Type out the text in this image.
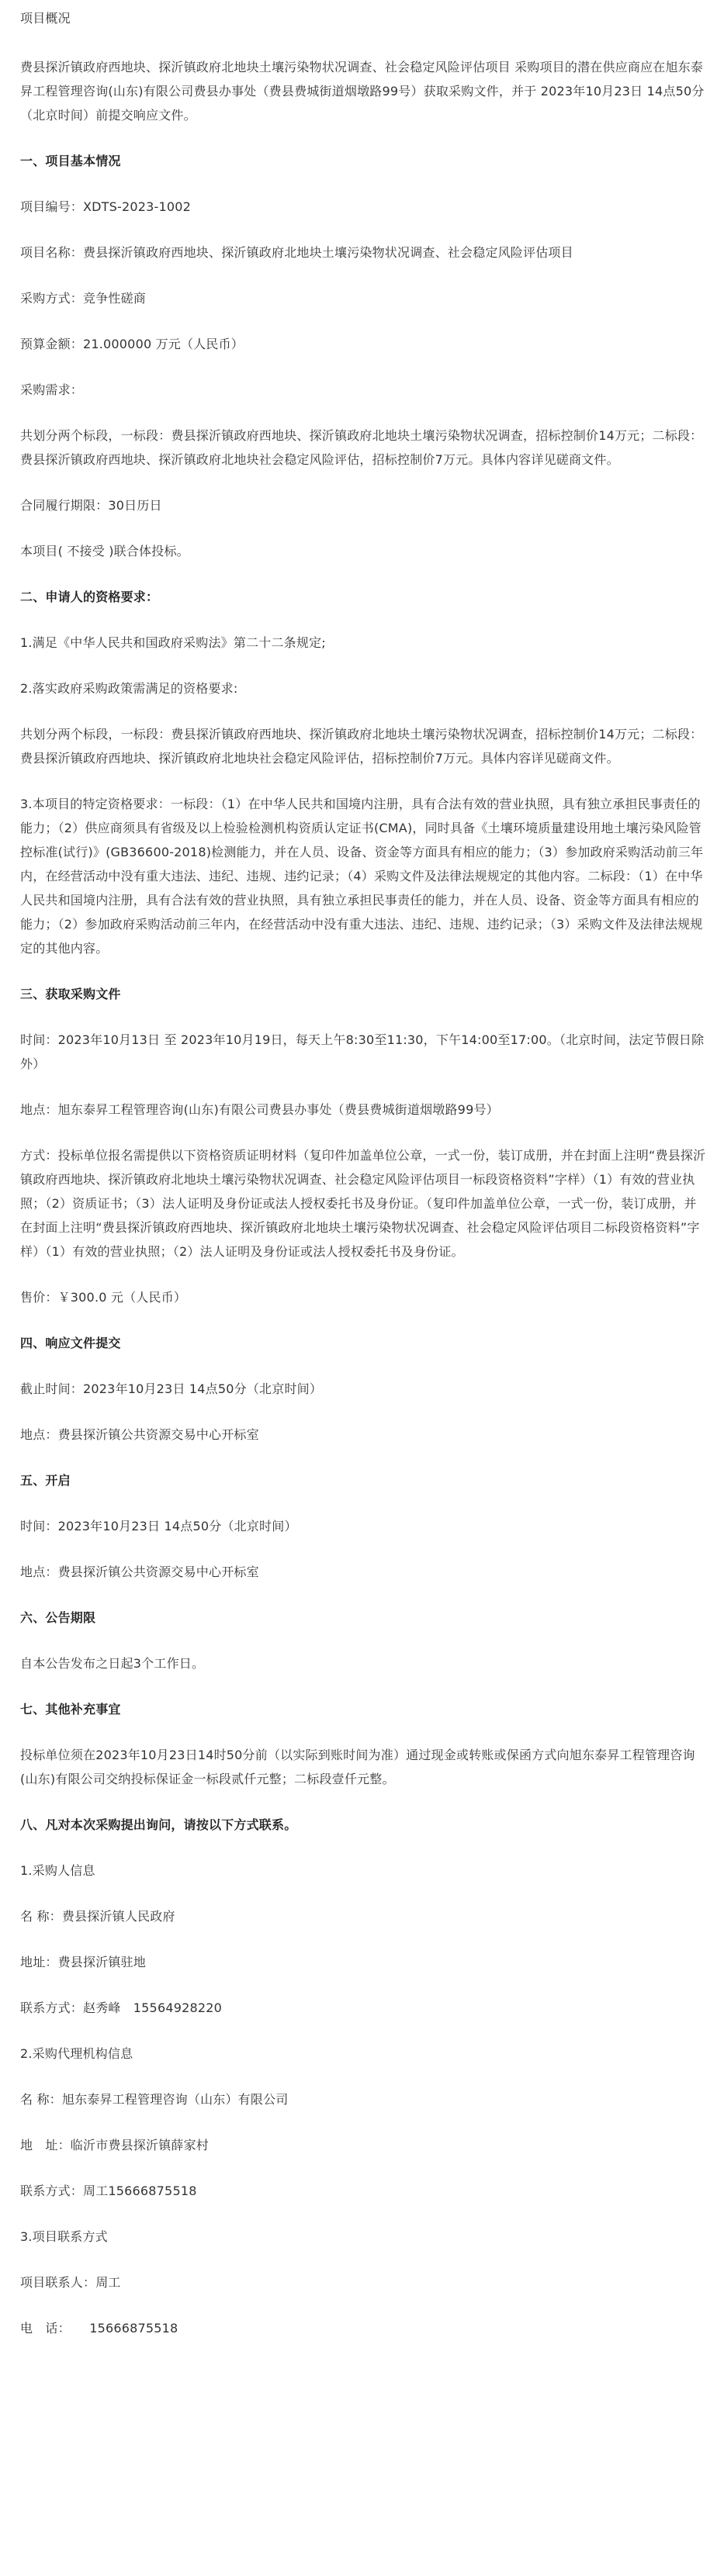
项目概况

费县探沂镇政府西地块、探沂镇政府北地块土壤污染物状况调查、社会稳定风险评估项目 采购项目的潜在供应商应在旭东泰昇工程管理咨询(山东)有限公司费县办事处（费县费城街道烟墩路99号）获取采购文件，并于 2023年10月23日 14点50分（北京时间）前提交响应文件。

一、项目基本情况

项目编号：XDTS-2023-1002

项目名称：费县探沂镇政府西地块、探沂镇政府北地块土壤污染物状况调查、社会稳定风险评估项目

采购方式：竞争性磋商

预算金额：21.000000 万元（人民币）

采购需求：

共划分两个标段，一标段：费县探沂镇政府西地块、探沂镇政府北地块土壤污染物状况调查，招标控制价14万元；二标段：费县探沂镇政府西地块、探沂镇政府北地块社会稳定风险评估，招标控制价7万元。具体内容详见磋商文件。

合同履行期限：30日历日

本项目( 不接受 )联合体投标。

二、申请人的资格要求：

1.满足《中华人民共和国政府采购法》第二十二条规定;

2.落实政府采购政策需满足的资格要求:

共划分两个标段，一标段：费县探沂镇政府西地块、探沂镇政府北地块土壤污染物状况调查，招标控制价14万元；二标段：费县探沂镇政府西地块、探沂镇政府北地块社会稳定风险评估，招标控制价7万元。具体内容详见磋商文件。

3.本项目的特定资格要求：一标段：（1）在中华人民共和国境内注册，具有合法有效的营业执照，具有独立承担民事责任的能力；（2）供应商须具有省级及以上检验检测机构资质认定证书(CMA)，同时具备《土壤环境质量建设用地土壤污染风险管控标准(试行)》(GB36600-2018)检测能力，并在人员、设备、资金等方面具有相应的能力；（3）参加政府采购活动前三年内，在经营活动中没有重大违法、违纪、违规、违约记录；（4）采购文件及法律法规规定的其他内容。二标段：（1）在中华人民共和国境内注册，具有合法有效的营业执照，具有独立承担民事责任的能力，并在人员、设备、资金等方面具有相应的能力；（2）参加政府采购活动前三年内，在经营活动中没有重大违法、违纪、违规、违约记录；（3）采购文件及法律法规规定的其他内容。

三、获取采购文件

时间：2023年10月13日 至 2023年10月19日，每天上午8:30至11:30，下午14:00至17:00。（北京时间，法定节假日除外）

地点：旭东泰昇工程管理咨询(山东)有限公司费县办事处（费县费城街道烟墩路99号）

方式：投标单位报名需提供以下资格资质证明材料（复印件加盖单位公章，一式一份，装订成册，并在封面上注明“费县探沂镇政府西地块、探沂镇政府北地块土壤污染物状况调查、社会稳定风险评估项目一标段资格资料”字样）（1）有效的营业执照；（2）资质证书；（3）法人证明及身份证或法人授权委托书及身份证。（复印件加盖单位公章，一式一份，装订成册，并在封面上注明“费县探沂镇政府西地块、探沂镇政府北地块土壤污染物状况调查、社会稳定风险评估项目二标段资格资料”字样）（1）有效的营业执照；（2）法人证明及身份证或法人授权委托书及身份证。

售价：￥300.0 元（人民币）

四、响应文件提交

截止时间：2023年10月23日 14点50分（北京时间）

地点：费县探沂镇公共资源交易中心开标室

五、开启

时间：2023年10月23日 14点50分（北京时间）

地点：费县探沂镇公共资源交易中心开标室

六、公告期限

自本公告发布之日起3个工作日。

七、其他补充事宜

投标单位须在2023年10月23日14时50分前（以实际到账时间为准）通过现金或转账或保函方式向旭东泰昇工程管理咨询(山东)有限公司交纳投标保证金一标段贰仟元整；二标段壹仟元整。

八、凡对本次采购提出询问，请按以下方式联系。

1.采购人信息

名 称：费县探沂镇人民政府

地址：费县探沂镇驻地

联系方式：赵秀峰　15564928220

2.采购代理机构信息

名 称：旭东泰昇工程管理咨询（山东）有限公司

地　址：临沂市费县探沂镇薛家村

联系方式：周工15666875518

3.项目联系方式

项目联系人：周工

电　话：　　15666875518
